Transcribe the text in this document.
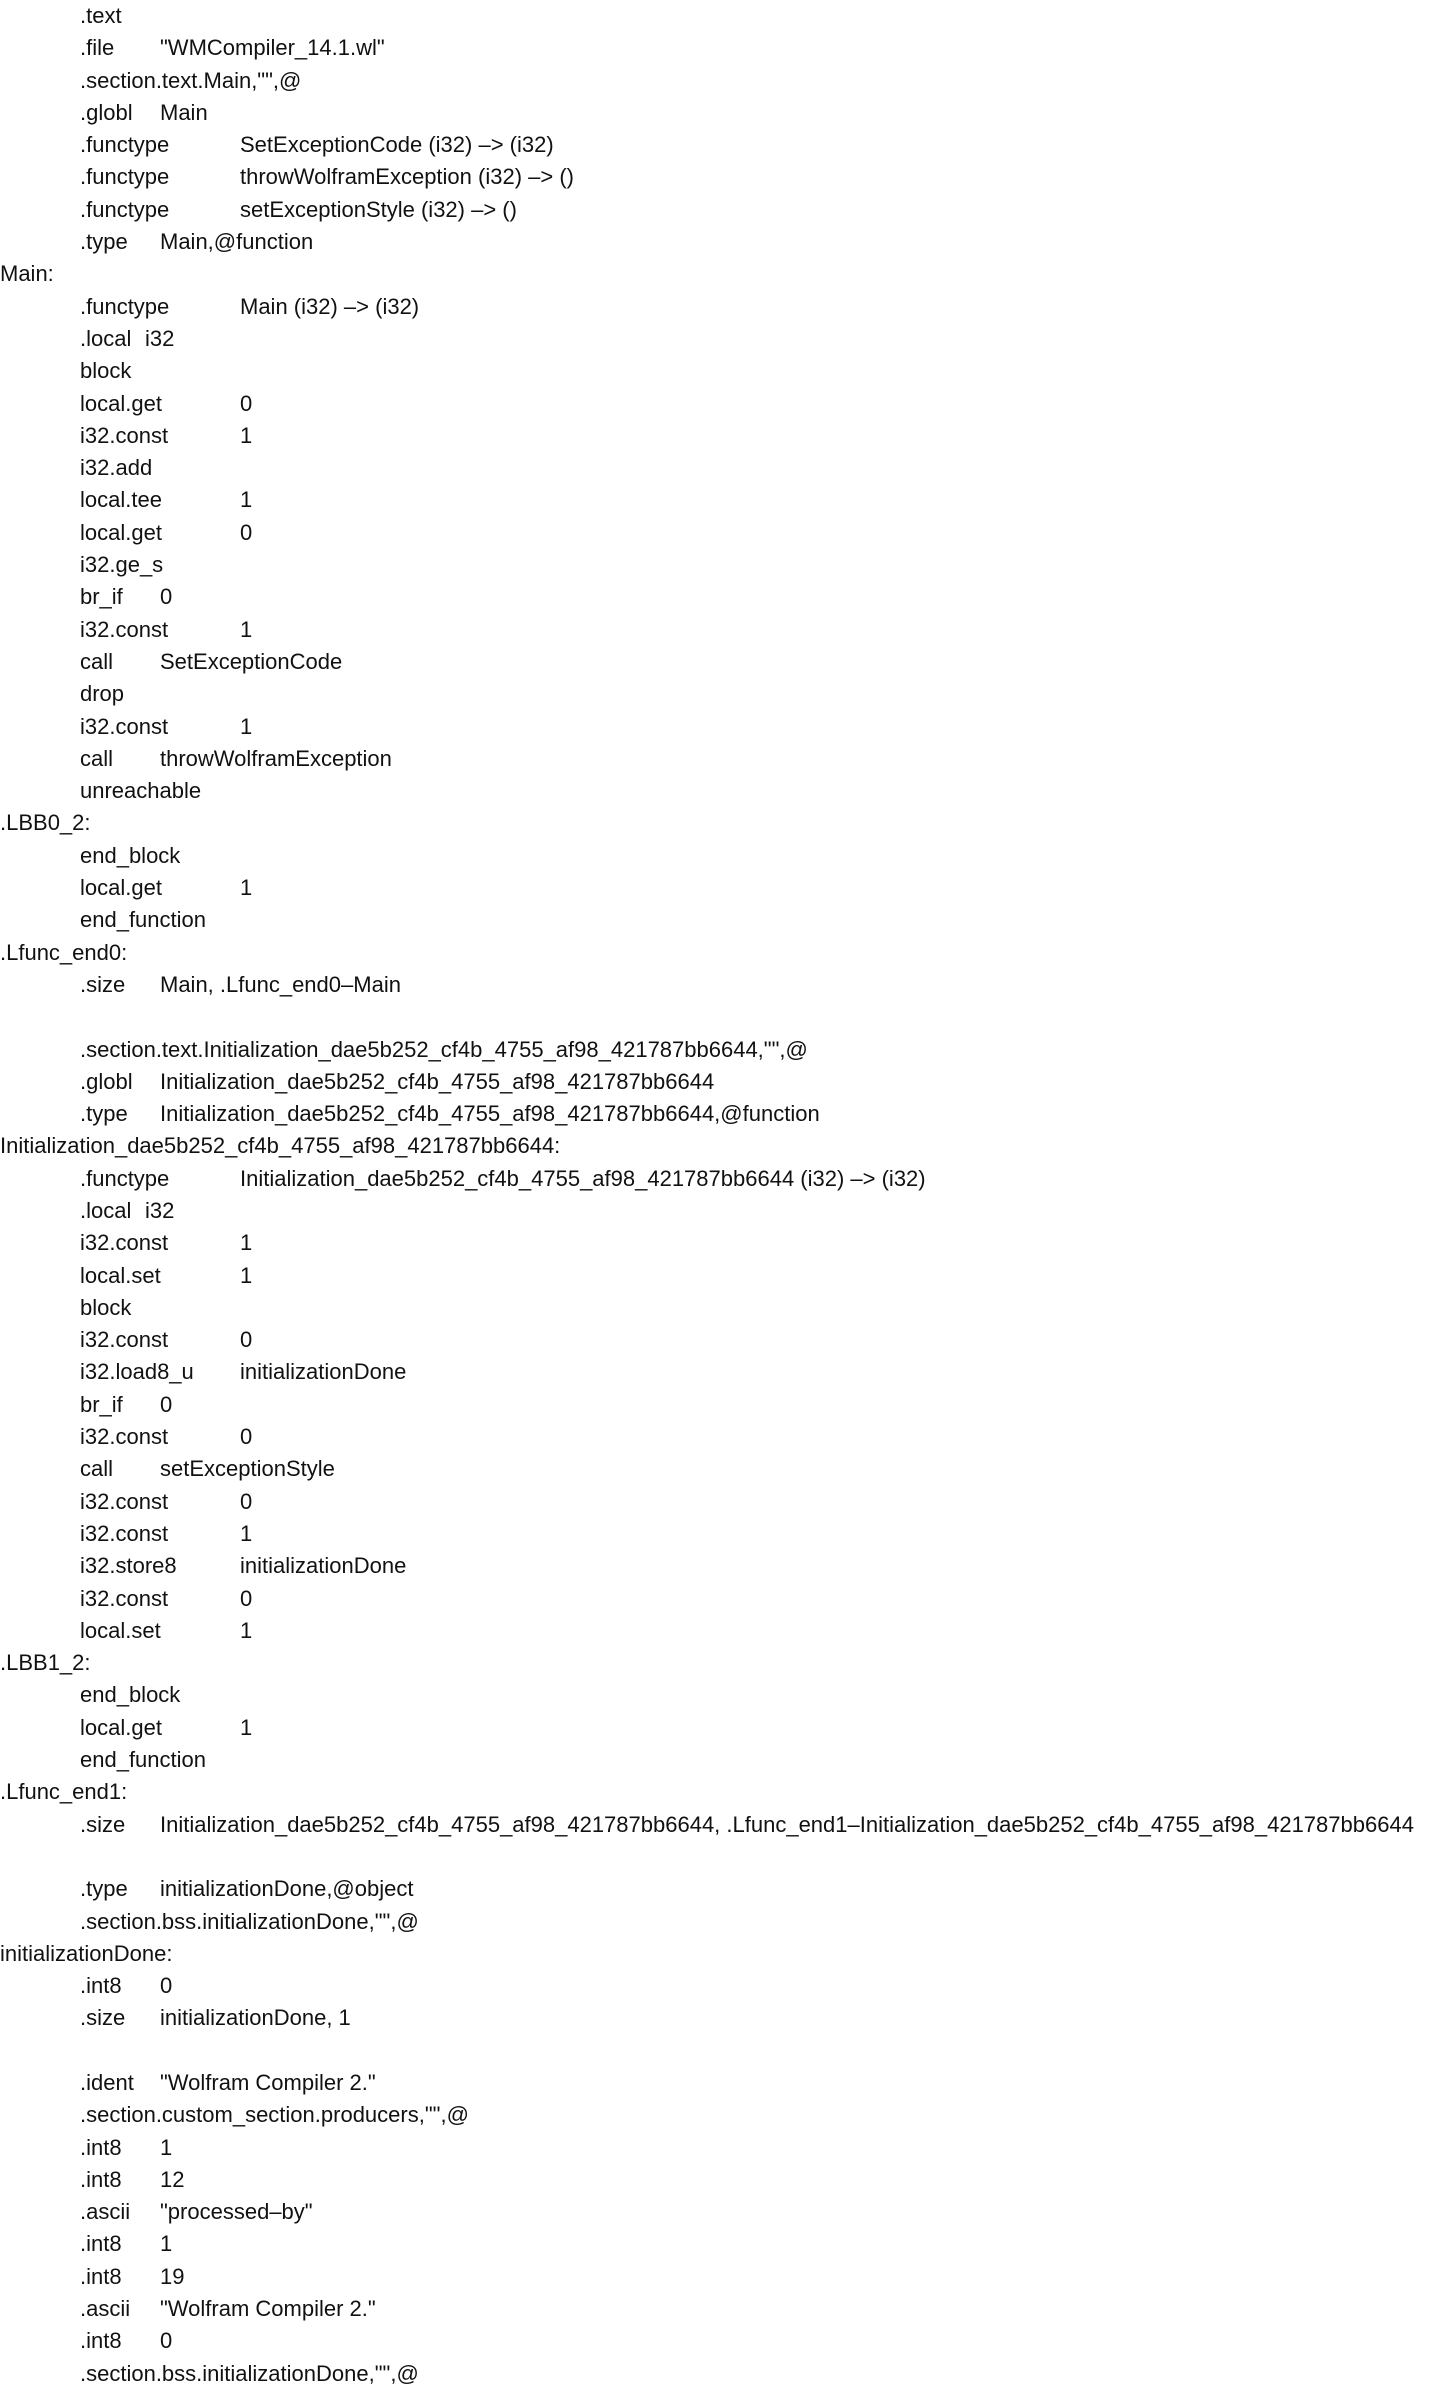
.text
.file "WMCompiler_14.1.wl"
.section.text.Main,"",@
.globl Main
.functype	SetExceptionCode (i32) –> (i32)
.functype	throwWolframException (i32) –> ()
.functype	setExceptionStyle (i32) –> ()
.type Main,@function
Main:
.functype	Main (i32) –> (i32)
.local i32
block
local.get	0
i32.const	1
i32.add
local.tee	1
local.get	0
i32.ge_s
br_if 0
i32.const	1
call SetExceptionCode
drop
i32.const	1
call throwWolframException
unreachable
.LBB0_2:
end_block
local.get	1
end_function
.Lfunc_end0:
.size Main, .Lfunc_end0–Main
.section.text.Initialization_dae5b252_cf4b_4755_af98_421787bb6644,"",@
.globl Initialization_dae5b252_cf4b_4755_af98_421787bb6644
.type Initialization_dae5b252_cf4b_4755_af98_421787bb6644,@function
Initialization_dae5b252_cf4b_4755_af98_421787bb6644:
.functype	Initialization_dae5b252_cf4b_4755_af98_421787bb6644 (i32) –> (i32)
.local i32
i32.const	1
local.set	1
block
i32.const	0
i32.load8_u initializationDone
br_if 0
i32.const	0
call setExceptionStyle
i32.const	0
i32.const	1
i32.store8	initializationDone
i32.const	0
local.set	1
.LBB1_2:
end_block
local.get	1
end_function
.Lfunc_end1:
.size Initialization_dae5b252_cf4b_4755_af98_421787bb6644, .Lfunc_end1–Initialization_dae5b252_cf4b_4755_af98_421787bb6644
.type initializationDone,@object
.section.bss.initializationDone,"",@
initializationDone:
.int8 0
.size initializationDone, 1
.ident "Wolfram Compiler 2."
.section.custom_section.producers,"",@
.int8 1
.int8 12
.ascii "processed–by"
.int8 1
.int8 19
.ascii "Wolfram Compiler 2."
.int8 0
.section.bss.initializationDone,"",@
